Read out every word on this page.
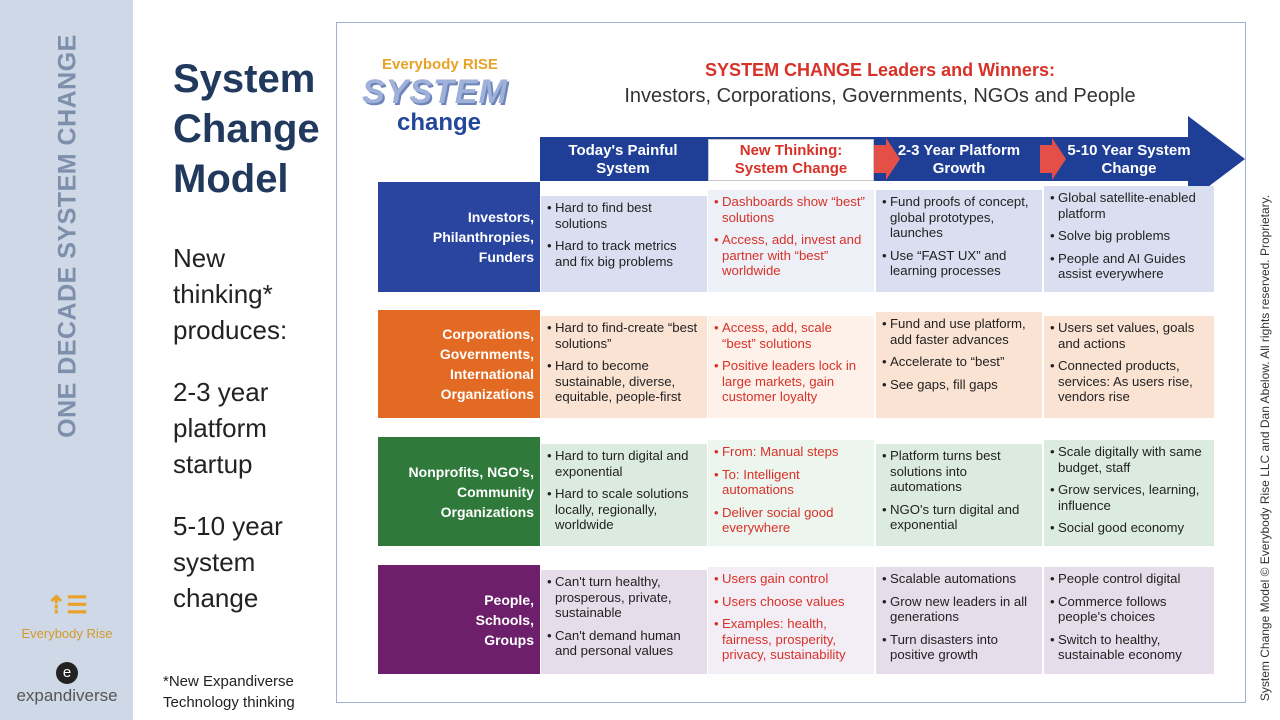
ONE DECADE SYSTEM CHANGE
⇡☰
Everybody Rise
e
expandiverse
System
Change
Model
New
thinking*
produces:
2-3 year
platform
startup
5-10 year
system
change
*New Expandiverse
Technology thinking
Everybody RISE
SYSTEM
change
SYSTEM CHANGE Leaders and Winners:
Investors, Corporations, Governments, NGOs and People
Today's Painful
System
New Thinking:
System Change
2-3 Year Platform
Growth
5-10 Year System
Change
Investors,
Philanthropies,
Funders
• Hard to find best solutions
• Hard to track metrics and fix big problems
• Dashboards show “best” solutions
• Access, add, invest and partner with “best” worldwide
• Fund proofs of concept, global prototypes, launches
• Use “FAST UX” and learning processes
• Global satellite-enabled platform
• Solve big problems
• People and AI Guides assist everywhere
Corporations,
Governments,
International
Organizations
• Hard to find-create “best solutions”
• Hard to become sustainable, diverse, equitable, people-first
• Access, add, scale “best” solutions
• Positive leaders lock in large markets, gain customer loyalty
• Fund and use platform, add faster advances
• Accelerate to “best”
• See gaps, fill gaps
• Users set values, goals and actions
• Connected products, services: As users rise, vendors rise
Nonprofits, NGO's,
Community
Organizations
• Hard to turn digital and exponential
• Hard to scale solutions locally, regionally, worldwide
• From: Manual steps
• To: Intelligent automations
• Deliver social good everywhere
• Platform turns best solutions into automations
• NGO's turn digital and exponential
• Scale digitally with same budget, staff
• Grow services, learning, influence
• Social good economy
People,
Schools,
Groups
• Can't turn healthy, prosperous, private, sustainable
• Can't demand human and personal values
• Users gain control
• Users choose values
• Examples: health, fairness, prosperity, privacy, sustainability
• Scalable automations
• Grow new leaders in all generations
• Turn disasters into positive growth
• People control digital
• Commerce follows people's choices
• Switch to healthy, sustainable economy	System Change Model © Everybody Rise LLC and Dan Abelow. All rights reserved. Proprietary.
